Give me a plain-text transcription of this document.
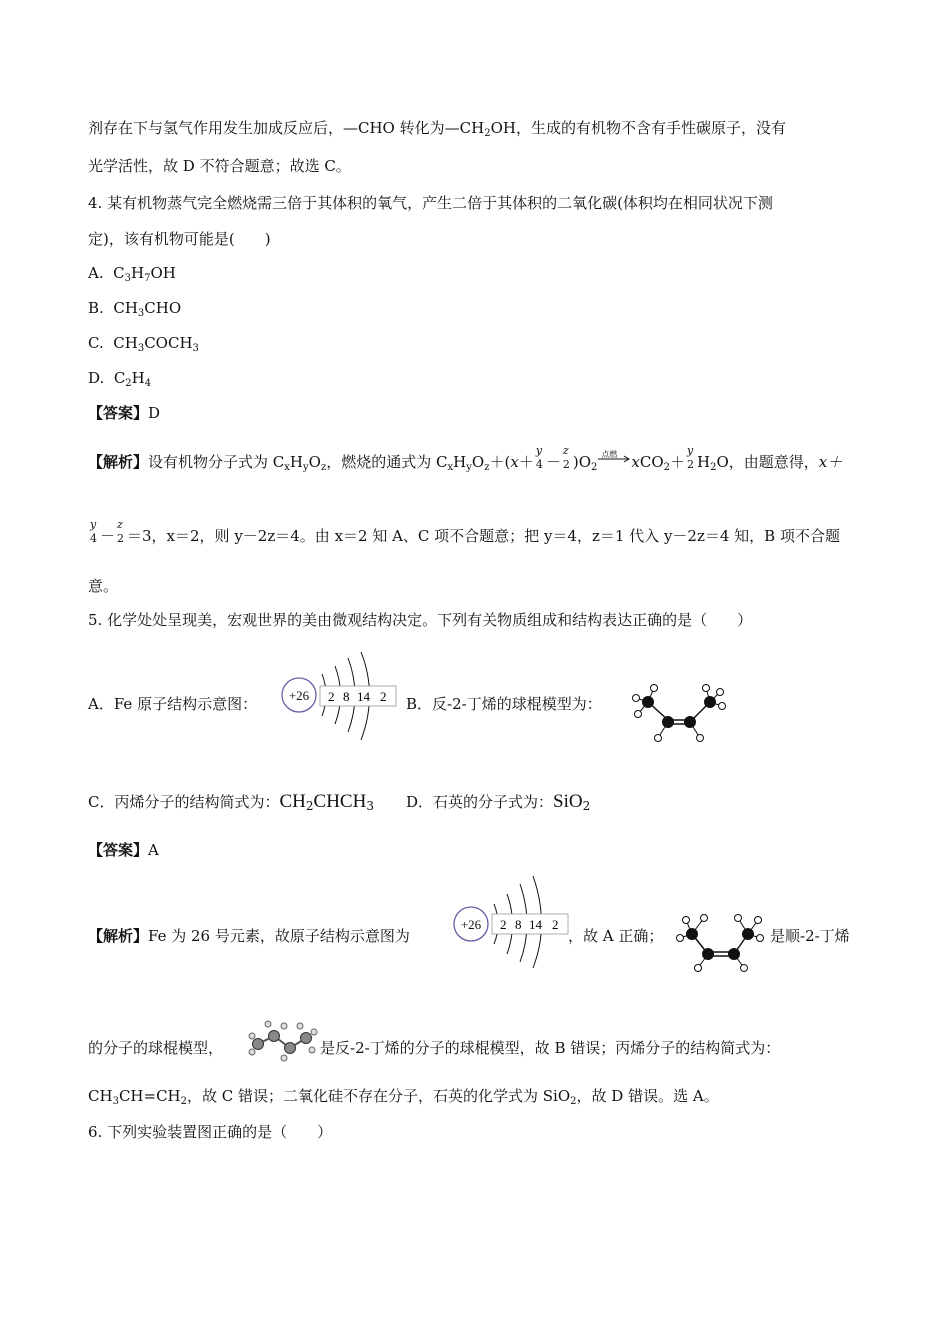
剂存在下与氢气作用发生加成反应后，—CHO 转化为$—CH_2OH$，生成的有机物不含有手性碳原子，没有
光学活性，故 D 不符合题意；故选 C。
4. 某有机物蒸气完全燃烧需三倍于其体积的氧气，产生二倍于其体积的二氧化碳(体积均在相同状况下测
定)，该有机物可能是(　　)
A. $C_3H_7OH$
B. $CH_3CHO$
C. $CH_3COCH_3$
D. $C_2H_4$
【答案】D
【解析】设有机物分子式为 $C_xH_yO_z$，燃烧的通式为 $C_xH_yO_z+(x+$
y
4 －
z
2 )$O_2$
点燃 xCO$_2$＋
y
2 $H_2O$，由题意得，x＋
y
4 －
z
2 ＝3，x＝2，则 y－2z＝4。由 x＝2 知 A、C 项不合题意；把 y＝4，z＝1 代入 y－2z＝4 知，B 项不合题
意。
5. 化学处处呈现美，宏观世界的美由微观结构决定。下列有关物质组成和结构表达正确的是（　　）
A．Fe 原子结构示意图： +26 2 8 14 2 B．反-2-丁烯的球棍模型为：
C．丙烯分子的结构简式为：$CH_2CHCH_3$ D．石英的分子式为：SiO$_2$
【答案】A
【解析】Fe 为 26 号元素，故原子结构示意图为
+26 2 8 14 2
，故 A 正确；	是顺-2-丁烯
的分子的球棍模型，	是反-2-丁烯的分子的球棍模型，故 B 错误；丙烯分子的结构简式为：
$CH_3CH=CH_2$，故 C 错误；二氧化硅不存在分子，石英的化学式为 SiO$_2$，故 D 错误。选 A。
6. 下列实验装置图正确的是（　　）
